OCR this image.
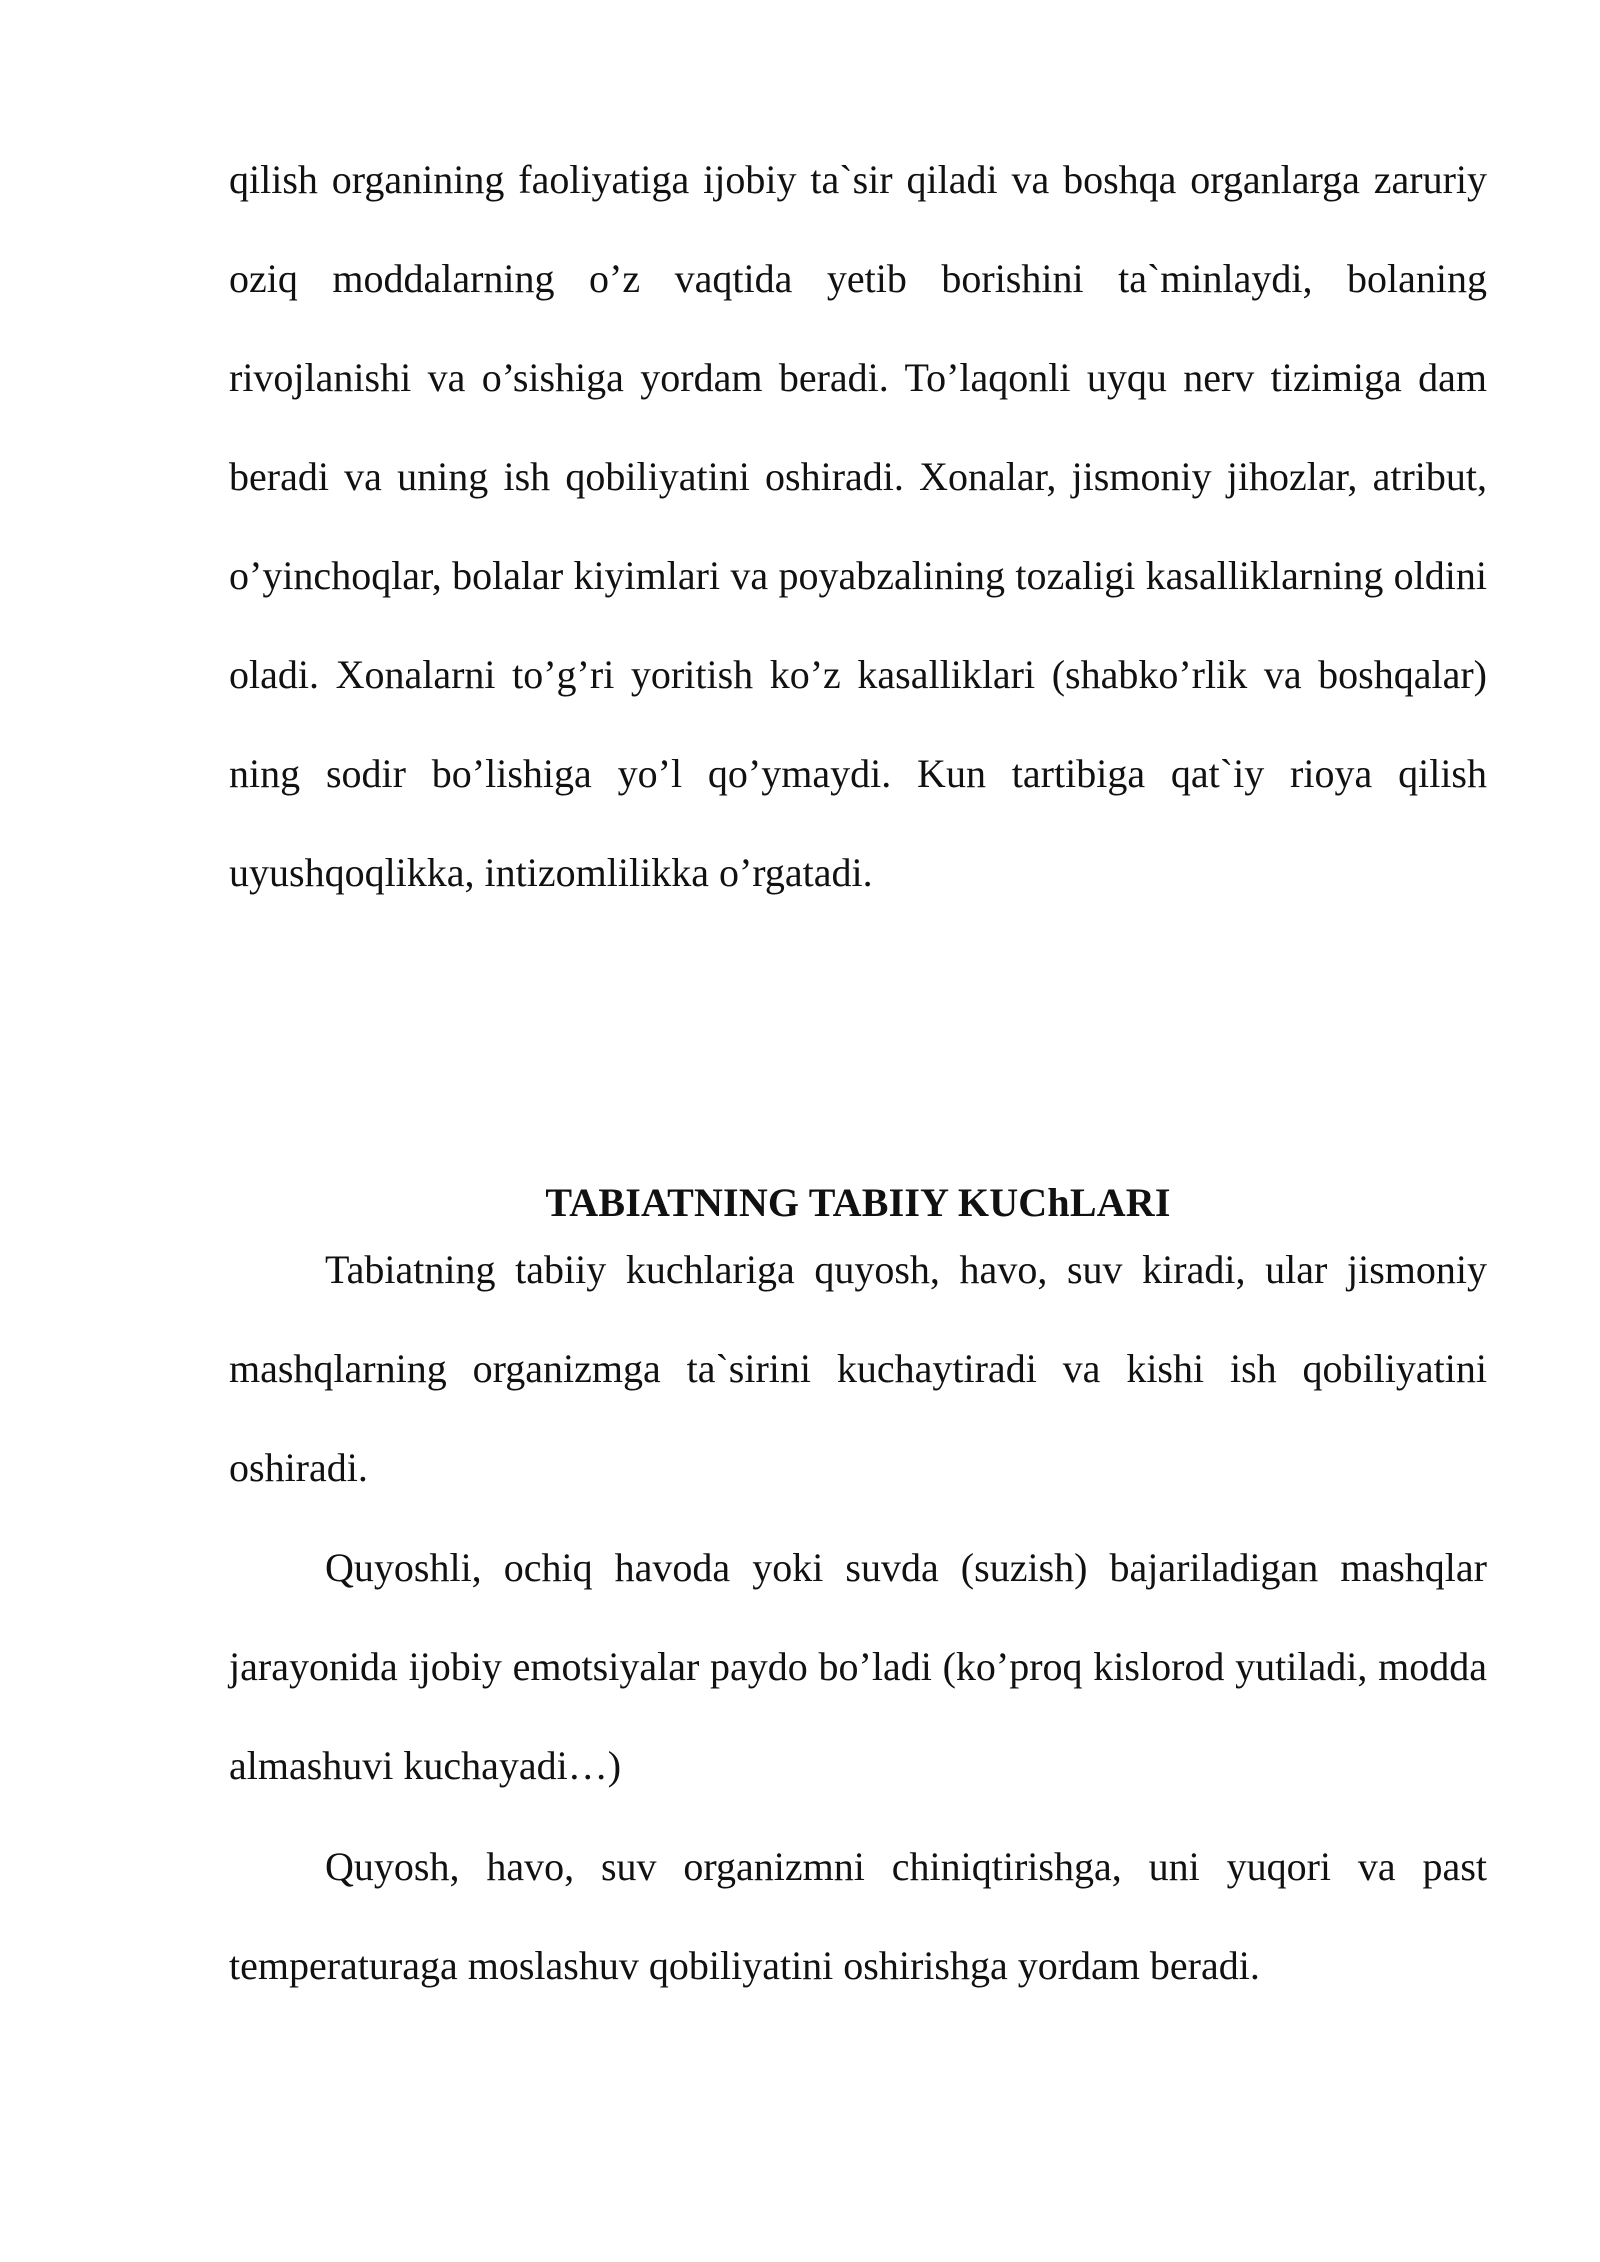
qilish organining faoliyatiga ijobiy ta`sir qiladi va boshqa organlarga zaruriy oziq moddalarning o’z vaqtida yetib borishini ta`minlaydi, bolaning rivojlanishi va o’sishiga yordam beradi. To’laqonli uyqu nerv tizimiga dam beradi va uning ish qobiliyatini oshiradi. Xonalar, jismoniy jihozlar, atribut, o’yinchoqlar, bolalar kiyimlari va poyabzalining tozaligi kasalliklarning oldini oladi. Xonalarni to’g’ri yoritish ko’z kasalliklari (shabko’rlik va boshqalar) ning sodir bo’lishiga yo’l qo’ymaydi. Kun tartibiga qat`iy rioya qilish uyushqoqlikka, intizomlilikka o’rgatadi.

TABIATNING TABIIY KUChLARI

Tabiatning tabiiy kuchlariga quyosh, havo, suv kiradi, ular jismoniy mashqlarning organizmga ta`sirini kuchaytiradi va kishi ish qobiliyatini oshiradi.

Quyoshli, ochiq havoda yoki suvda (suzish) bajariladigan mashqlar jarayonida ijobiy emotsiyalar paydo bo’ladi (ko’proq kislorod yutiladi, modda almashuvi kuchayadi…)

Quyosh, havo, suv organizmni chiniqtirishga, uni yuqori va past temperaturaga moslashuv qobiliyatini oshirishga yordam beradi.
